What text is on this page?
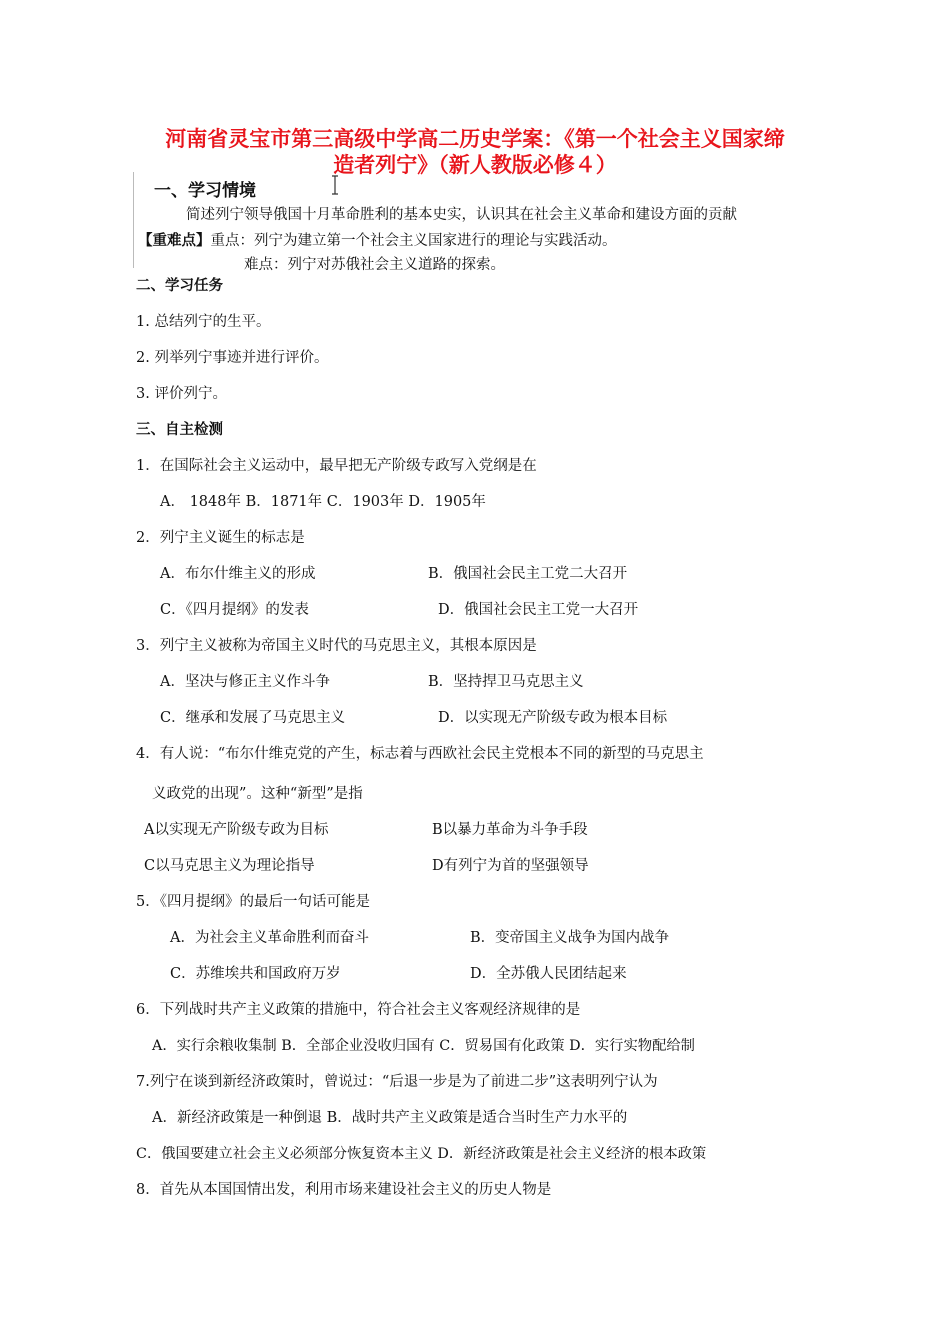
河南省灵宝市第三高级中学高二历史学案：《第一个社会主义国家缔
造者列宁》（新人教版必修４）
一、学习情境
简述列宁领导俄国十月革命胜利的基本史实，认识其在社会主义革命和建设方面的贡献
【重难点】重点：列宁为建立第一个社会主义国家进行的理论与实践活动。
难点：列宁对苏俄社会主义道路的探索。
二、学习任务
1. 总结列宁的生平。
2. 列举列宁事迹并进行评价。
3. 评价列宁。
三、自主检测
1．在国际社会主义运动中，最早把无产阶级专政写入党纲是在
A． 1848年 B．1871年 C．1903年 D．1905年
2．列宁主义诞生的标志是
A．布尔什维主义的形成	B．俄国社会民主工党二大召开
C．《四月提纲》的发表	D．俄国社会民主工党一大召开
3．列宁主义被称为帝国主义时代的马克思主义，其根本原因是
A．坚决与修正主义作斗争	B．坚持捍卫马克思主义
C．继承和发展了马克思主义	D．以实现无产阶级专政为根本目标
4．有人说：“布尔什维克党的产生，标志着与西欧社会民主党根本不同的新型的马克思主
义政党的出现”。这种“新型”是指
A以实现无产阶级专政为目标	B以暴力革命为斗争手段
C以马克思主义为理论指导	D有列宁为首的坚强领导
5．《四月提纲》的最后一句话可能是
A．为社会主义革命胜利而奋斗	B．变帝国主义战争为国内战争
C．苏维埃共和国政府万岁	D．全苏俄人民团结起来
6．下列战时共产主义政策的措施中，符合社会主义客观经济规律的是
A．实行余粮收集制 B．全部企业没收归国有 C．贸易国有化政策 D．实行实物配给制
7.列宁在谈到新经济政策时，曾说过：“后退一步是为了前进二步”这表明列宁认为
A．新经济政策是一种倒退 B．战时共产主义政策是适合当时生产力水平的
C．俄国要建立社会主义必须部分恢复资本主义 D．新经济政策是社会主义经济的根本政策
8．首先从本国国情出发，利用市场来建设社会主义的历史人物是
